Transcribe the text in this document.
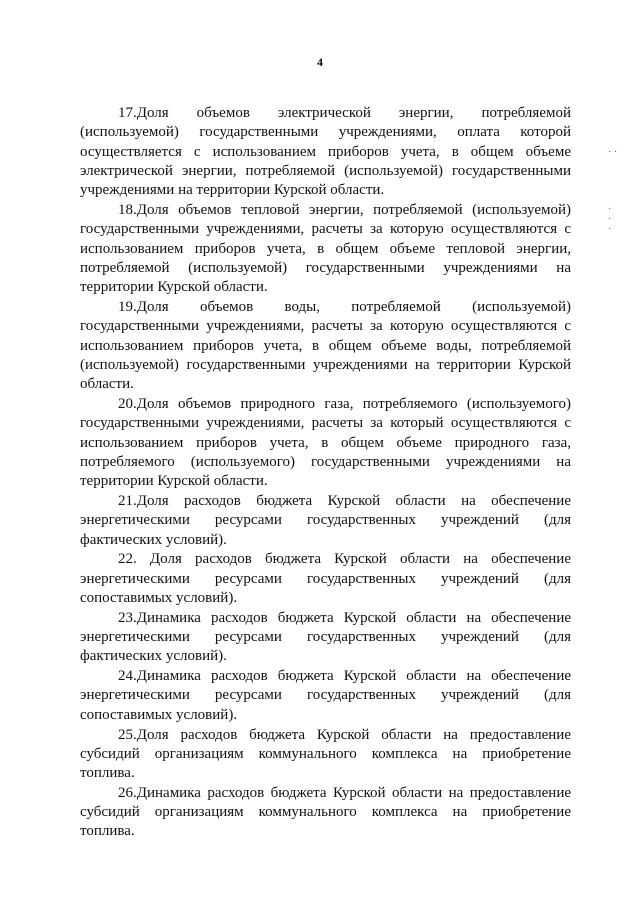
4
· ·
·
·
·

17.Доля объемов электрической энергии, потребляемой (используемой) государственными учреждениями, оплата которой осуществляется с использованием приборов учета, в общем объеме электрической энергии, потребляемой (используемой) государственными учреждениями на территории Курской области.

18.Доля объемов тепловой энергии, потребляемой (используемой) государственными учреждениями, расчеты за которую осуществляются с использованием приборов учета, в общем объеме тепловой энергии, потребляемой (используемой) государственными учреждениями на территории Курской области.

19.Доля объемов воды, потребляемой (используемой) государственными учреждениями, расчеты за которую осуществляются с использованием приборов учета, в общем объеме воды, потребляемой (используемой) государственными учреждениями на территории Курской области.

20.Доля объемов природного газа, потребляемого (используемого) государственными учреждениями, расчеты за который осуществляются с использованием приборов учета, в общем объеме природного газа, потребляемого (используемого) государственными учреждениями на территории Курской области.

21.Доля расходов бюджета Курской области на обеспечение энергетическими ресурсами государственных учреждений (для фактических условий).

22. Доля расходов бюджета Курской области на обеспечение энергетическими ресурсами государственных учреждений (для сопоставимых условий).

23.Динамика расходов бюджета Курской области на обеспечение энергетическими ресурсами государственных учреждений (для фактических условий).

24.Динамика расходов бюджета Курской области на обеспечение энергетическими ресурсами государственных учреждений (для сопоставимых условий).

25.Доля расходов бюджета Курской области на предоставление субсидий организациям коммунального комплекса на приобретение топлива.

26.Динамика расходов бюджета Курской области на предоставление субсидий организациям коммунального комплекса на приобретение топлива.
